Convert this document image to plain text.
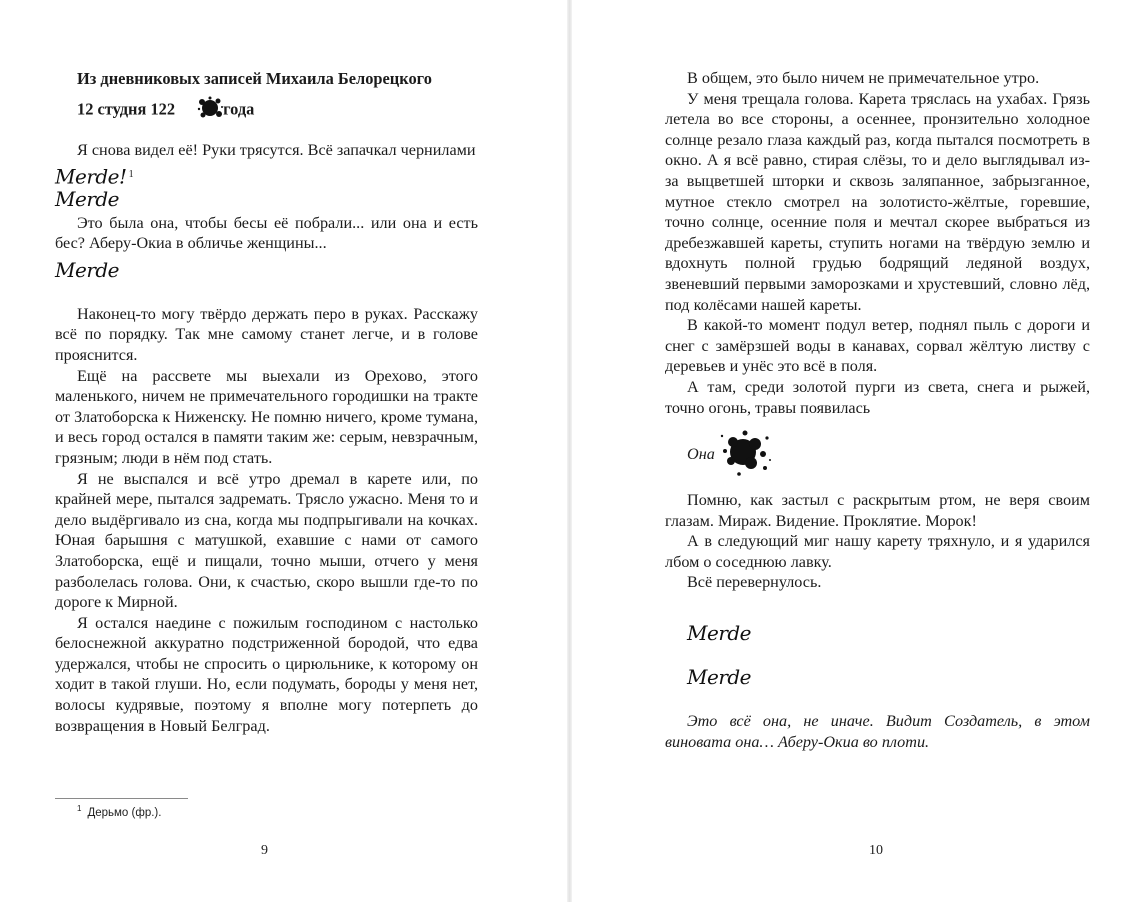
Из дневниковых записей Михаила Белорецкого

12 студня 122	года

Я снова видел её! Руки трясутся. Всё запачкал чернилами

Merde! $^1$

Merde

Это была она, чтобы бесы её побрали... или она и есть бес? Аберу-Окиа в обличье женщины...

Merde

Наконец-то могу твёрдо держать перо в руках. Расскажу всё по порядку. Так мне самому станет легче, и в голове прояснится.

Ещё на рассвете мы выехали из Орехово, этого маленького, ничем не примечательного городишки на тракте от Златоборска к Ниженску. Не помню ничего, кроме тумана, и весь город остался в памяти таким же: серым, невзрачным, грязным; люди в нём под стать.

Я не выспался и всё утро дремал в карете или, по крайней мере, пытался задремать. Трясло ужасно. Меня то и дело выдёргивало из сна, когда мы подпрыгивали на кочках. Юная барышня с матушкой, ехавшие с нами от самого Златоборска, ещё и пищали, точно мыши, отчего у меня разболелась голова. Они, к счастью, скоро вышли где-то по дороге к Мирной.

Я остался наедине с пожилым господином с настолько белоснежной аккуратно подстриженной бородой, что едва удержался, чтобы не спросить о цирюльнике, к которому он ходит в такой глуши. Но, если подумать, бороды у меня нет, волосы кудрявые, поэтому я вполне могу потерпеть до возвращения в Новый Белград.

$^1$ Дерьмо (фр.).
9

В общем, это было ничем не примечательное утро.

У меня трещала голова. Карета тряслась на ухабах. Грязь летела во все стороны, а осеннее, пронзительно холодное солнце резало глаза каждый раз, когда пытался посмотреть в окно. А я всё равно, стирая слёзы, то и дело выглядывал из-за выцветшей шторки и сквозь заляпанное, забрызганное, мутное стекло смотрел на золотисто-жёлтые, горевшие, точно солнце, осенние поля и мечтал скорее выбраться из дребезжавшей кареты, ступить ногами на твёрдую землю и вдохнуть полной грудью бодрящий ледяной воздух, звеневший первыми заморозками и хрустевший, словно лёд, под колёсами нашей кареты.

В какой-то момент подул ветер, поднял пыль с дороги и снег с замёрзшей воды в канавах, сорвал жёлтую листву с деревьев и унёс это всё в поля.

А там, среди золотой пурги из света, снега и рыжей, точно огонь, травы появилась

Она

Помню, как застыл с раскрытым ртом, не веря своим глазам. Мираж. Видение. Проклятие. Морок!

А в следующий миг нашу карету тряхнуло, и я ударился лбом о соседнюю лавку.

Всё перевернулось.

Merde

Merde

Это всё она, не иначе. Видит Создатель, в этом виновата она… Аберу-Окиа во плоти.

10
